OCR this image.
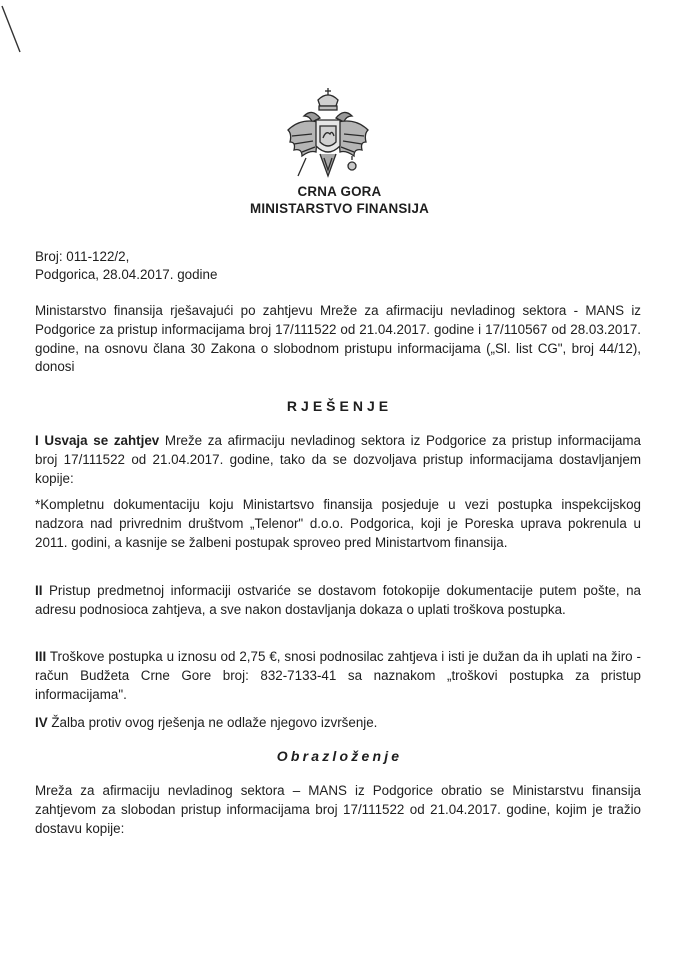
CRNA GORA
MINISTARSTVO FINANSIJA
Broj: 011-122/2,
Podgorica, 28.04.2017. godine
Ministarstvo finansija rješavajući po zahtjevu Mreže za afirmaciju nevladinog sektora - MANS iz Podgorice za pristup informacijama broj 17/111522 od 21.04.2017. godine i 17/110567 od 28.03.2017. godine, na osnovu člana 30 Zakona o slobodnom pristupu informacijama („Sl. list CG", broj 44/12), donosi
RJEŠENJE
I Usvaja se zahtjev Mreže za afirmaciju nevladinog sektora iz Podgorice za pristup informacijama broj 17/111522 od 21.04.2017. godine, tako da se dozvoljava pristup informacijama dostavljanjem kopije:
*Kompletnu dokumentaciju koju Ministartsvo finansija posjeduje u vezi postupka inspekcijskog nadzora nad privrednim društvom „Telenor" d.o.o. Podgorica, koji je Poreska uprava pokrenula u 2011. godini, a kasnije se žalbeni postupak sproveo pred Ministartvom finansija.
II Pristup predmetnoj informaciji ostvariće se dostavom fotokopije dokumentacije putem pošte, na adresu podnosioca zahtjeva, a sve nakon dostavljanja dokaza o uplati troškova postupka.
III Troškove postupka u iznosu od 2,75 €, snosi podnosilac zahtjeva i isti je dužan da ih uplati na žiro - račun Budžeta Crne Gore broj: 832-7133-41 sa naznakom „troškovi postupka za pristup informacijama".
IV Žalba protiv ovog rješenja ne odlaže njegovo izvršenje.
Obrazloženje
Mreža za afirmaciju nevladinog sektora – MANS iz Podgorice obratio se Ministarstvu finansija zahtjevom za slobodan pristup informacijama broj 17/111522 od 21.04.2017. godine, kojim je tražio dostavu kopije:
